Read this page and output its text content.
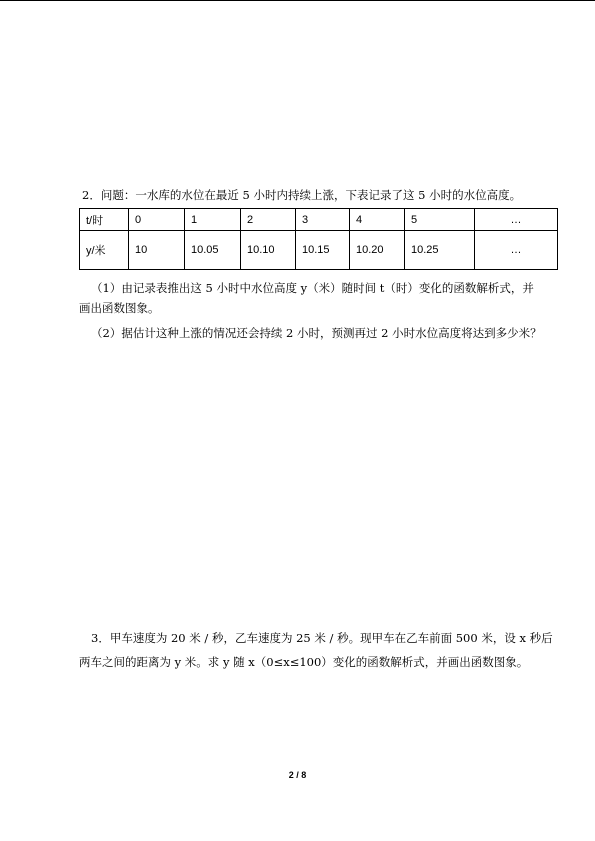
2．问题：一水库的水位在最近 5 小时内持续上涨，下表记录了这 5 小时的水位高度。
t/时	0	1	2	3	4	5	…
y/米	10	10.05	10.10	10.15	10.20	10.25	…
（1）由记录表推出这 5 小时中水位高度 y（米）随时间 t（时）变化的函数解析式，并
画出函数图象。
（2）据估计这种上涨的情况还会持续 2 小时，预测再过 2 小时水位高度将达到多少米？
3．甲车速度为 20 米 / 秒，乙车速度为 25 米 / 秒。现甲车在乙车前面 500 米，设 x 秒后
两车之间的距离为 y 米。求 y 随 x（0≤x≤100）变化的函数解析式，并画出函数图象。
2 / 8
